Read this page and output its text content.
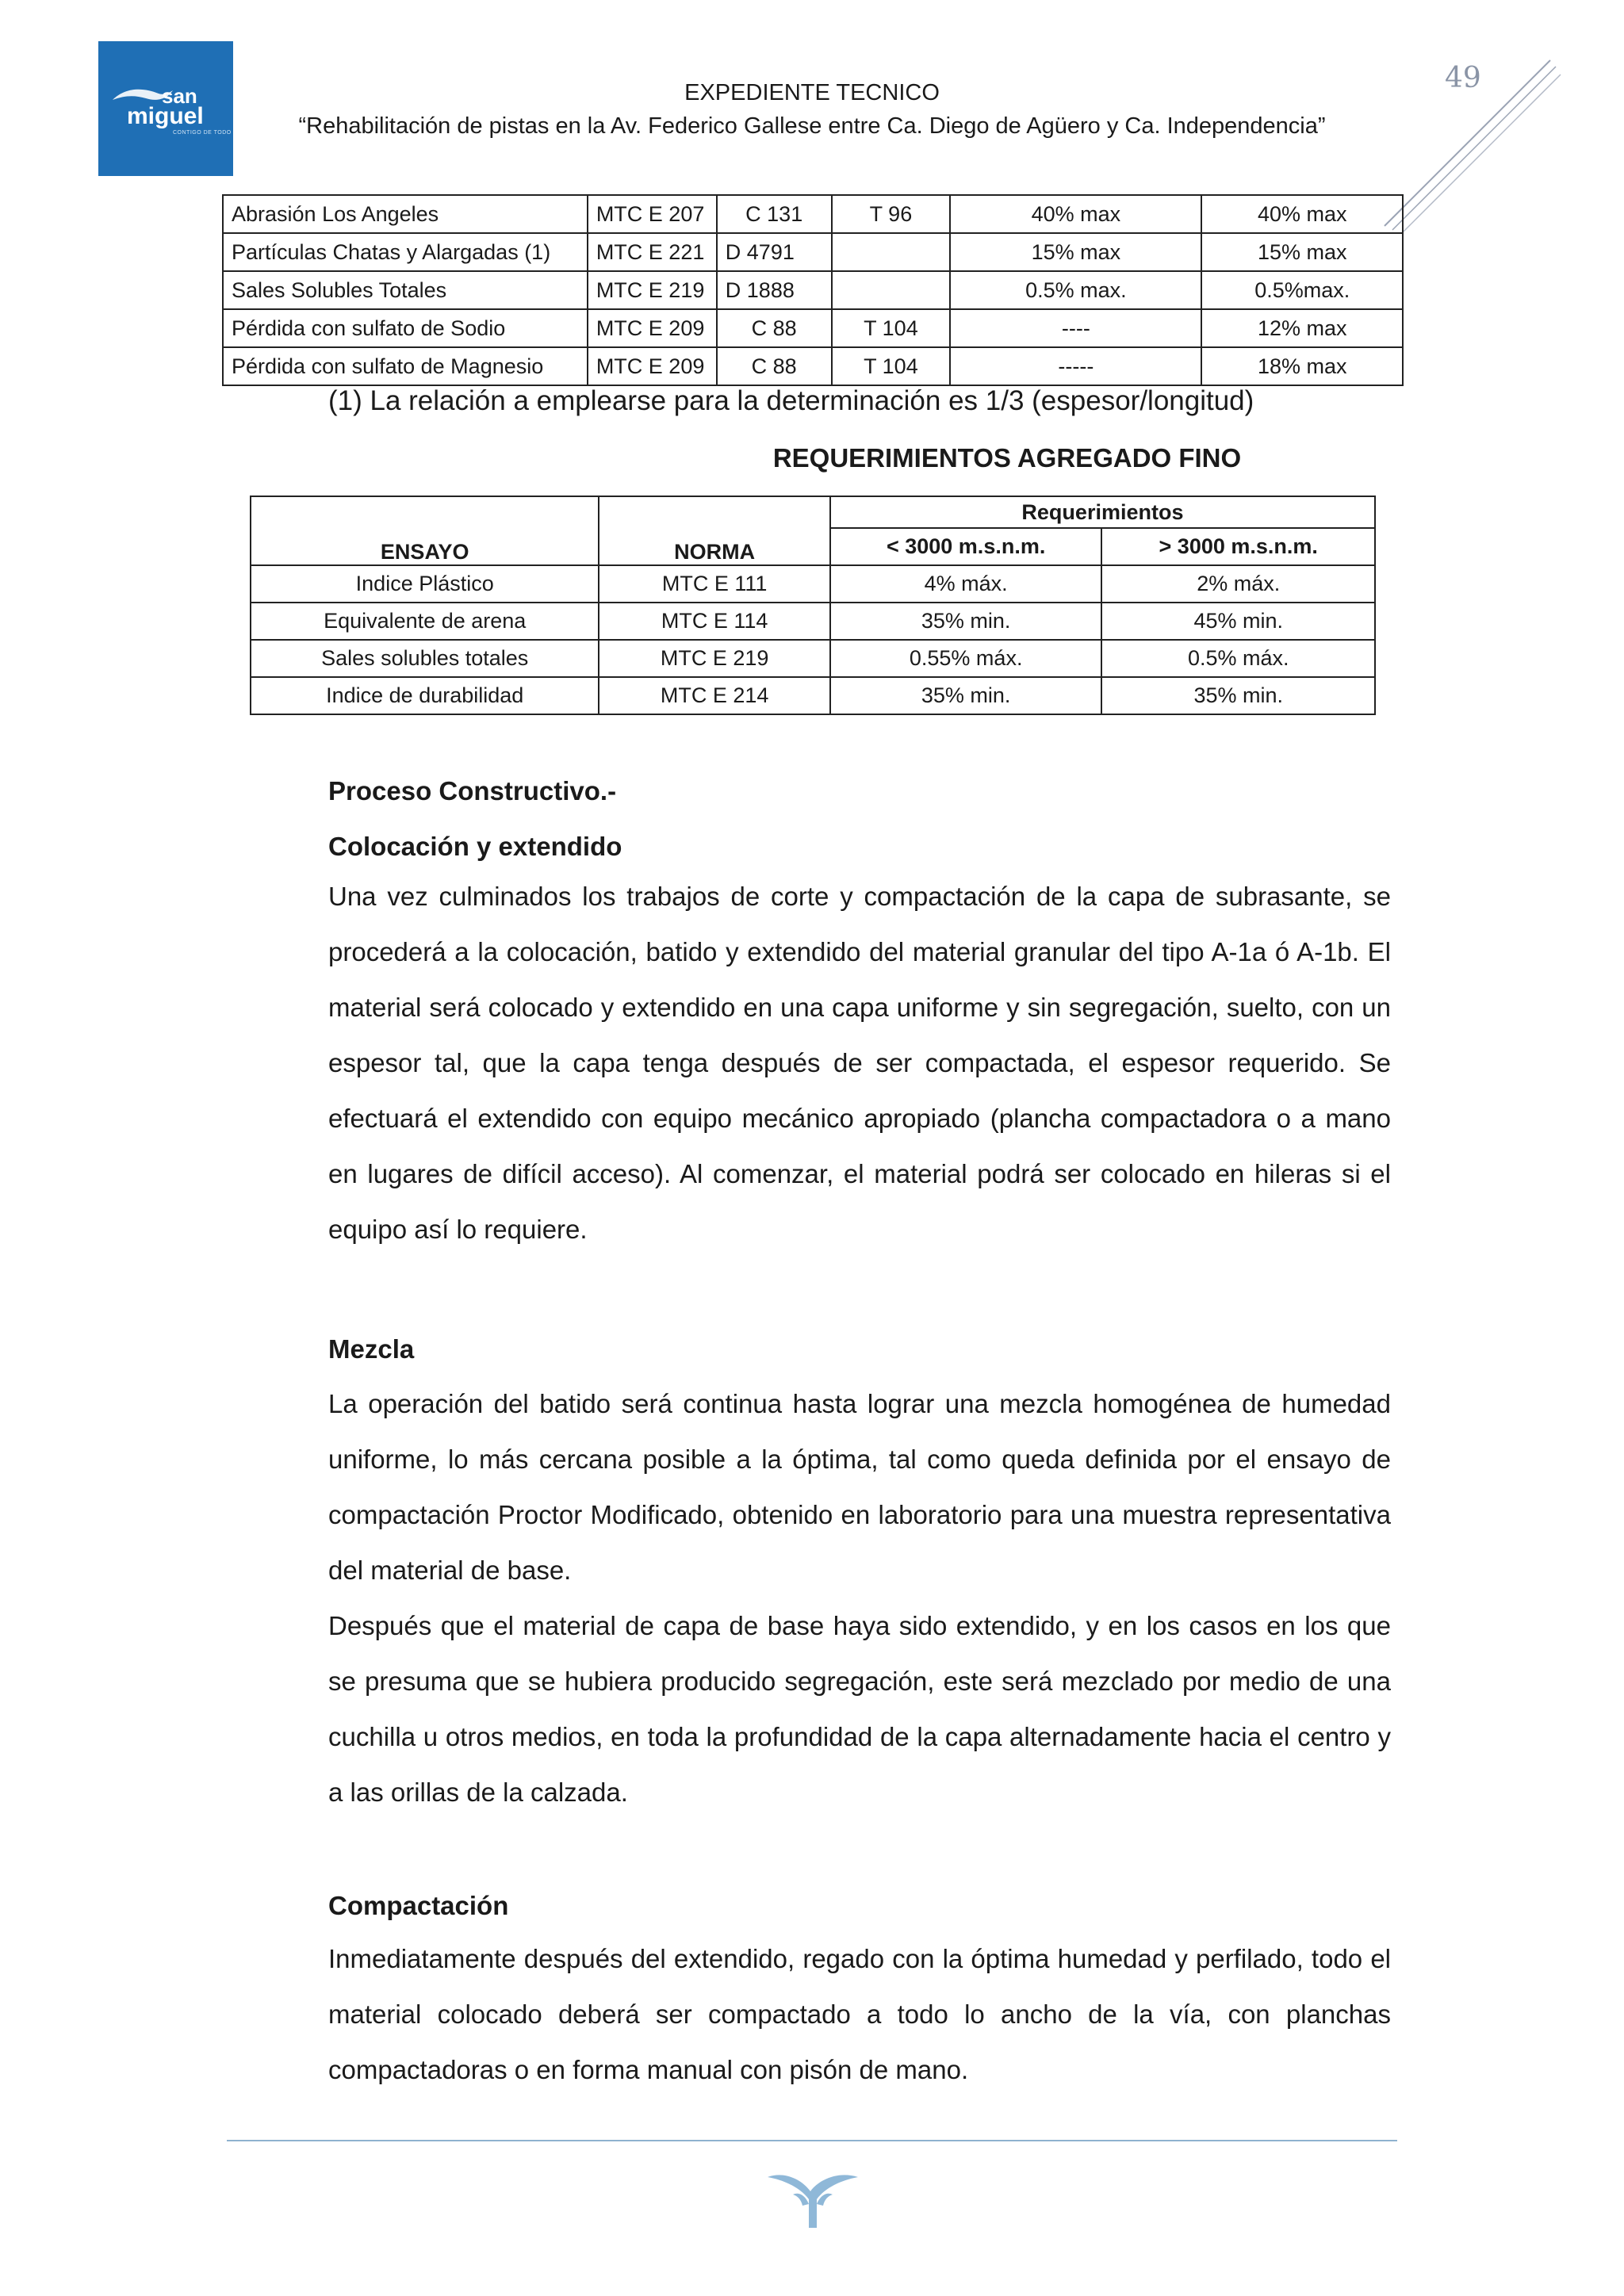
san
miguel
CONTIGO DE TODO
EXPEDIENTE TECNICO
“Rehabilitación de pistas en la Av. Federico Gallese entre Ca. Diego de Agüero y Ca. Independencia”
49
Abrasión Los Angeles	MTC E 207	C 131	T 96	40% max	40% max
Partículas Chatas y Alargadas (1)	MTC E 221	D 4791		15% max	15% max
Sales Solubles Totales	MTC E 219	D 1888		0.5% max.	0.5%max.
Pérdida con sulfato de Sodio	MTC E 209	C 88	T 104	----	12% max
Pérdida con sulfato de Magnesio	MTC E 209	C 88	T 104	-----	18% max
(1) La relación a emplearse para la determinación es 1/3 (espesor/longitud)
REQUERIMIENTOS AGREGADO FINO
ENSAYO	NORMA	Requerimientos	
		< 3000 m.s.n.m.	> 3000 m.s.n.m.
Indice Plástico	MTC E 111	4% máx.	2% máx.
Equivalente de arena	MTC E 114	35% min.	45% min.
Sales solubles totales	MTC E 219	0.55% máx.	0.5% máx.
Indice de durabilidad	MTC E 214	35% min.	35% min.
Proceso Constructivo.-
Colocación y extendido

Una vez culminados los trabajos de corte y compactación de la capa de subrasante, se procederá a la colocación, batido y extendido del material granular del tipo A-1a ó A-1b. El material será colocado y extendido en una capa uniforme y sin segregación, suelto, con un espesor tal, que la capa tenga después de ser compactada, el espesor requerido. Se efectuará el extendido con equipo mecánico apropiado (plancha compactadora o a mano en lugares de difícil acceso). Al comenzar, el material podrá ser colocado en hileras si el equipo así lo requiere.

Mezcla

La operación del batido será continua hasta lograr una mezcla homogénea de humedad uniforme, lo más cercana posible a la óptima, tal como queda definida por el ensayo de compactación Proctor Modificado, obtenido en laboratorio para una muestra representativa del material de base.

Después que el material de capa de base haya sido extendido, y en los casos en los que se presuma que se hubiera producido segregación, este será mezclado por medio de una cuchilla u otros medios, en toda la profundidad de la capa alternadamente hacia el centro y a las orillas de la calzada.

Compactación

Inmediatamente después del extendido, regado con la óptima humedad y perfilado, todo el material colocado deberá ser compactado a todo lo ancho de la vía, con planchas compactadoras o en forma manual con pisón de mano.
